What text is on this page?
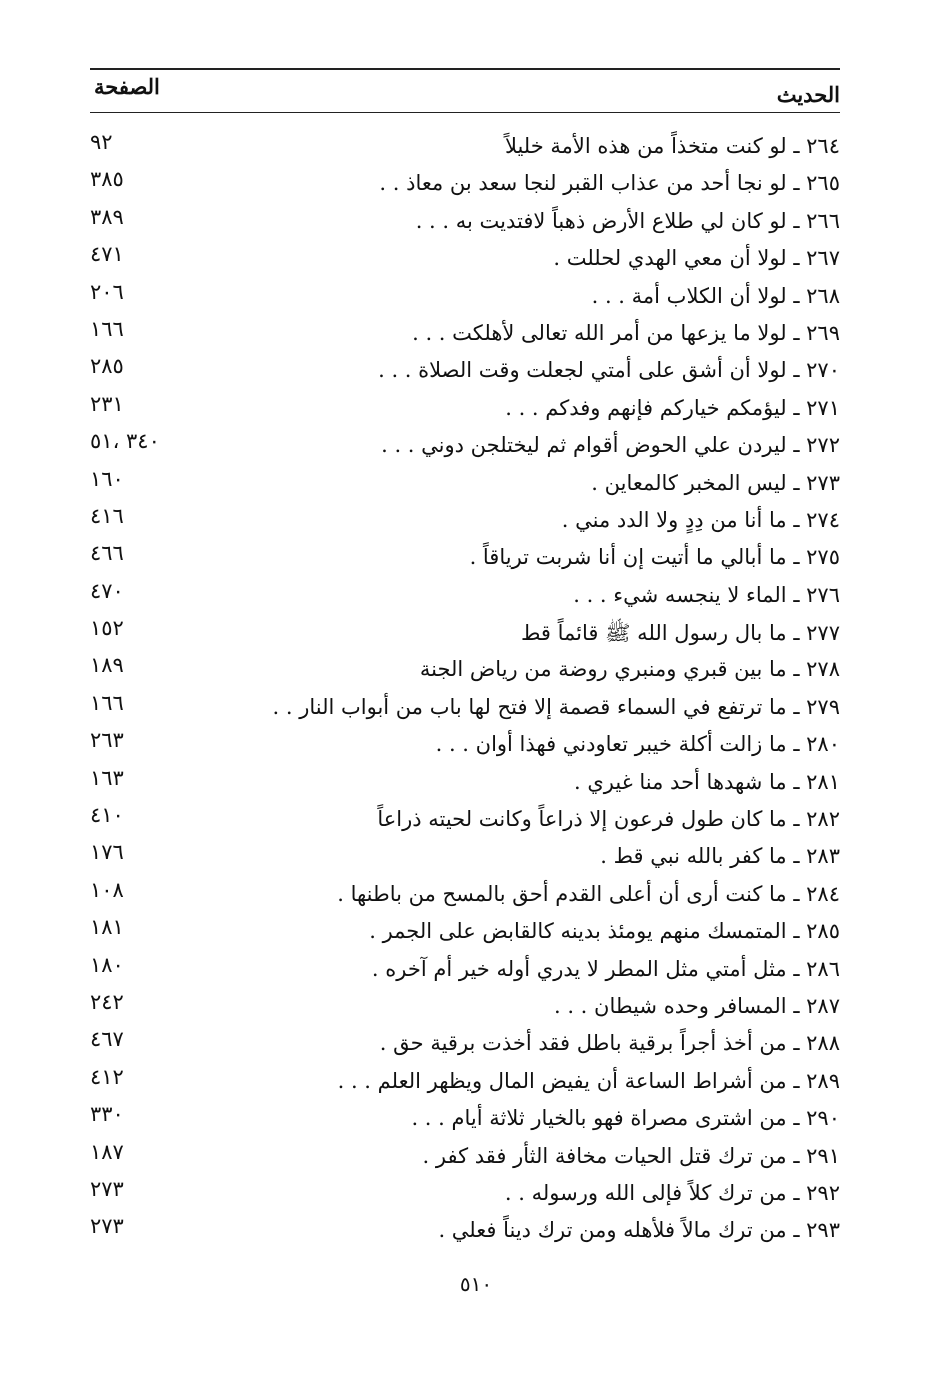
الحديث
الصفحة
٢٦٤ ـ لو كنت متخذاً من هذه الأمة خليلاً
٩٢
٢٦٥ ـ لو نجا أحد من عذاب القبر لنجا سعد بن معاذ . .
٣٨٥
٢٦٦ ـ لو كان لي طلاع الأرض ذهباً لافتديت به . . .
٣٨٩
٢٦٧ ـ لولا أن معي الهدي لحللت .
٤٧١
٢٦٨ ـ لولا أن الكلاب أمة . . .
٢٠٦
٢٦٩ ـ لولا ما يزعها من أمر الله تعالى لأهلكت . . .
١٦٦
٢٧٠ ـ لولا أن أشق على أمتي لجعلت وقت الصلاة . . .
٢٨٥
٢٧١ ـ ليؤمكم خياركم فإنهم وفدكم . . .
٢٣١
٢٧٢ ـ ليردن علي الحوض أقوام ثم ليختلجن دوني . . .
٣٤٠ ،٥١
٢٧٣ ـ ليس المخبر كالمعاين .
١٦٠
٢٧٤ ـ ما أنا من دِدٍ ولا الدد مني .
٤١٦
٢٧٥ ـ ما أبالي ما أتيت إن أنا شربت ترياقاً .
٤٦٦
٢٧٦ ـ الماء لا ينجسه شيء . . .
٤٧٠
٢٧٧ ـ ما بال رسول الله ﷺ قائماً قط
١٥٢
٢٧٨ ـ ما بين قبري ومنبري روضة من رياض الجنة
١٨٩
٢٧٩ ـ ما ترتفع في السماء قصمة إلا فتح لها باب من أبواب النار . .
١٦٦
٢٨٠ ـ ما زالت أكلة خيبر تعاودني فهذا أوان . . .
٢٦٣
٢٨١ ـ ما شهدها أحد منا غيري .
١٦٣
٢٨٢ ـ ما كان طول فرعون إلا ذراعاً وكانت لحيته ذراعاً
٤١٠
٢٨٣ ـ ما كفر بالله نبي قط .
١٧٦
٢٨٤ ـ ما كنت أرى أن أعلى القدم أحق بالمسح من باطنها .
١٠٨
٢٨٥ ـ المتمسك منهم يومئذ بدينه كالقابض على الجمر .
١٨١
٢٨٦ ـ مثل أمتي مثل المطر لا يدري أوله خير أم آخره .
١٨٠
٢٨٧ ـ المسافر وحده شيطان . . .
٢٤٢
٢٨٨ ـ من أخذ أجراً برقية باطل فقد أخذت برقية حق .
٤٦٧
٢٨٩ ـ من أشراط الساعة أن يفيض المال ويظهر العلم . . .
٤١٢
٢٩٠ ـ من اشترى مصراة فهو بالخيار ثلاثة أيام . . .
٣٣٠
٢٩١ ـ من ترك قتل الحيات مخافة الثأر فقد كفر .
١٨٧
٢٩٢ ـ من ترك كلاً فإلى الله ورسوله . .
٢٧٣
٢٩٣ ـ من ترك مالاً فلأهله ومن ترك ديناً فعلي .
٢٧٣
٥١٠
